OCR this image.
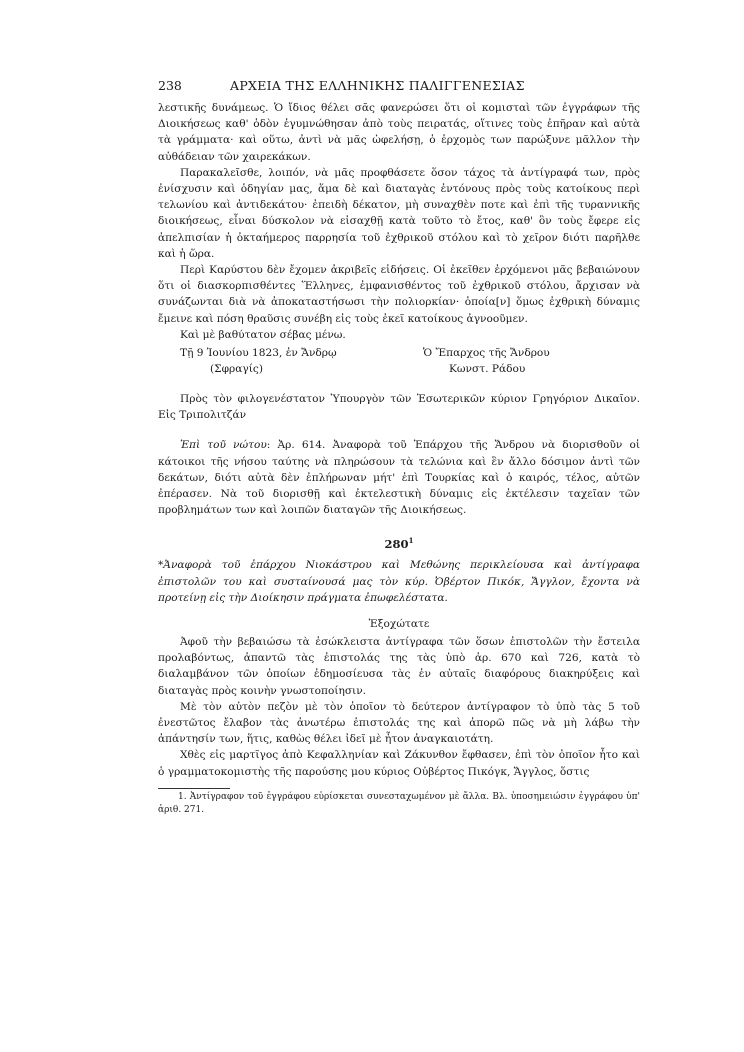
238	ΑΡΧΕΙΑ ΤΗΣ ΕΛΛΗΝΙΚΗΣ ΠΑΛΙΓΓΕΝΕΣΙΑΣ

λεστικῆς δυνάμεως. Ὁ ἴδιος θέλει σᾶς φανερώσει ὅτι οἱ κομισταὶ τῶν ἐγγράφων τῆς Διοικήσεως καθ' ὁδὸν ἐγυμνώθησαν ἀπὸ τοὺς πειρατάς, οἵτινες τοὺς ἐπῆραν καὶ αὐτὰ τὰ γράμματα· καὶ οὕτω, ἀντὶ νὰ μᾶς ὠφελήσῃ, ὁ ἐρχομὸς των παρώξυνε μᾶλλον τὴν αὐθάδειαν τῶν χαιρεκάκων.

Παρακαλεῖσθε, λοιπόν, νὰ μᾶς προφθάσετε ὅσον τάχος τὰ ἀντίγραφά των, πρὸς ἐνίσχυσιν καὶ ὁδηγίαν μας, ἅμα δὲ καὶ διαταγὰς ἐντόνους πρὸς τοὺς κατοίκους περὶ τελωνίου καὶ ἀντιδεκάτου· ἐπειδὴ δέκατον, μὴ συναχθὲν ποτε καὶ ἐπὶ τῆς τυραννικῆς διοικήσεως, εἶναι δύσκολον νὰ εἰσαχθῇ κατὰ τοῦτο τὸ ἔτος, καθ' ὃν τοὺς ἔφερε εἰς ἀπελπισίαν ἡ ὀκταήμερος παρρησία τοῦ ἐχθρικοῦ στόλου καὶ τὸ χεῖρον διότι παρῆλθε καὶ ἡ ὥρα.

Περὶ Καρύστου δὲν ἔχομεν ἀκριβεῖς εἰδήσεις. Οἱ ἐκεῖθεν ἐρχόμενοι μᾶς βεβαιώνουν ὅτι οἱ διασκορπισθέντες Ἕλληνες, ἐμφανισθέντος τοῦ ἐχθρικοῦ στόλου, ἄρχισαν νὰ συνάζωνται διὰ νὰ ἀποκαταστήσωσι τὴν πολιορκίαν· ὁποία[ν] ὅμως ἐχθρικὴ δύναμις ἔμεινε καὶ πόση θραῦσις συνέβη εἰς τοὺς ἐκεῖ κατοίκους ἀγνοοῦμεν.

Καὶ μὲ βαθύτατον σέβας μένω.

Τῇ 9 Ἰουνίου 1823, ἐν Ἄνδρῳ
(Σφραγίς)
Ὁ Ἔπαρχος τῆς Ἄνδρου
Κωνστ. Ράδου

Πρὸς τὸν φιλογενέστατον Ὑπουργὸν τῶν Ἐσωτερικῶν κύριον Γρηγόριον Δικαῖον. Εἰς Τριπολιτζάν

Ἐπὶ τοῦ νώτου: Ἀρ. 614. Ἀναφορὰ τοῦ Ἐπάρχου τῆς Ἄνδρου νὰ διορισθοῦν οἱ κάτοικοι τῆς νήσου ταύτης νὰ πληρώσουν τὰ τελώνια καὶ ἓν ἄλλο δόσιμον ἀντὶ τῶν δεκάτων, διότι αὐτὰ δὲν ἐπλήρωναν μήτ' ἐπὶ Τουρκίας καὶ ὁ καιρός, τέλος, αὐτῶν ἐπέρασεν. Νὰ τοῦ διορισθῇ καὶ ἐκτελεστικὴ δύναμις εἰς ἐκτέλεσιν ταχεῖαν τῶν προβλημάτων των καὶ λοιπῶν διαταγῶν τῆς Διοικήσεως.

$280^1$

*Ἀναφορὰ τοῦ ἐπάρχου Νιοκάστρου καὶ Μεθώνης περικλείουσα καὶ ἀντίγραφα ἐπιστολῶν του καὶ συσταίνουσά μας τὸν κύρ. Ὀβέρτον Πικόκ, Ἄγγλον, ἔχοντα νὰ προτείνῃ εἰς τὴν Διοίκησιν πράγματα ἐπωφελέστατα.

Ἐξοχώτατε

Ἀφοῦ τὴν βεβαιώσω τὰ ἐσώκλειστα ἀντίγραφα τῶν ὅσων ἐπιστολῶν τὴν ἔστειλα προλαβόντως, ἀπαντῶ τὰς ἐπιστολάς της τὰς ὑπὸ ἀρ. 670 καὶ 726, κατὰ τὸ διαλαμβάνον τῶν ὁποίων ἐδημοσίευσα τὰς ἐν αὐταῖς διαφόρους διακηρύξεις καὶ διαταγὰς πρὸς κοινὴν γνωστοποίησιν.

Μὲ τὸν αὐτὸν πεζὸν μὲ τὸν ὁποῖον τὸ δεύτερον ἀντίγραφον τὸ ὑπὸ τὰς 5 τοῦ ἐνεστῶτος ἔλαβον τὰς ἀνωτέρω ἐπιστολάς της καὶ ἀπορῶ πῶς νὰ μὴ λάβω τὴν ἀπάντησίν των, ἥτις, καθὼς θέλει ἰδεῖ μὲ ἦτον ἀναγκαιοτάτη.

Χθὲς εἰς μαρτῖγος ἀπὸ Κεφαλληνίαν καὶ Ζάκυνθον ἔφθασεν, ἐπὶ τὸν ὁποῖον ἦτο καὶ ὁ γραμματοκομιστὴς τῆς παρούσης μου κύριος Οὐβέρτος Πικόγκ, Ἄγγλος, ὅστις

1. Ἀντίγραφον τοῦ ἐγγράφου εὑρίσκεται συνεσταχωμένον μὲ ἄλλα. Βλ. ὑποσημειώσιν ἐγγράφου ὑπ' ἀριθ. 271.
